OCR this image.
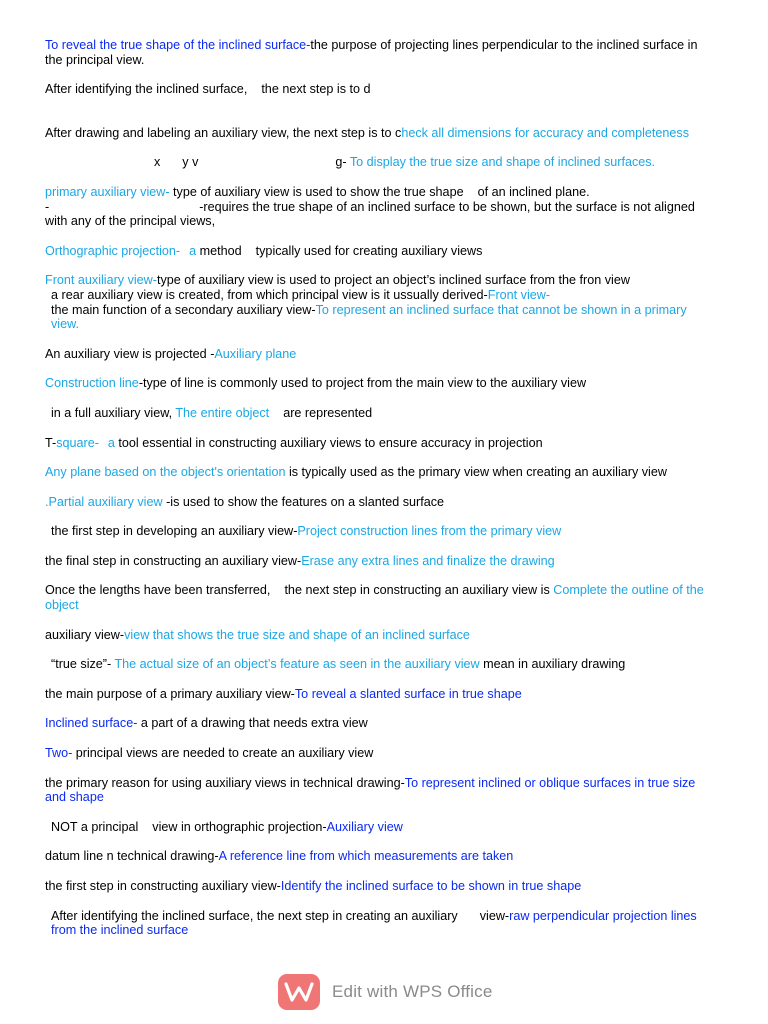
To reveal the true shape of the inclined surface-the purpose of projecting lines perpendicular to the inclined surface in the principal view.

After identifying the inclined surface, the next step is to d

After drawing and labeling an auxiliary view, the next step is to check all dimensions for accuracy and completeness

x y v	g- To display the true size and shape of inclined surfaces.

primary auxiliary view- type of auxiliary view is used to show the true shape of an inclined plane.

-	-requires the true shape of an inclined surface to be shown, but the surface is not aligned with any of the principal views,

Orthographic projection- a method typically used for creating auxiliary views

Front auxiliary view-type of auxiliary view is used to project an object’s inclined surface from the fron view

a rear auxiliary view is created, from which principal view is it ussually derived-Front view-

the main function of a secondary auxiliary view-To represent an inclined surface that cannot be shown in a primary view.

An auxiliary view is projected -Auxiliary plane

Construction line-type of line is commonly used to project from the main view to the auxiliary view

in a full auxiliary view, The entire object are represented

T-square- a tool essential in constructing auxiliary views to ensure accuracy in projection

Any plane based on the object's orientation is typically used as the primary view when creating an auxiliary view

.Partial auxiliary view -is used to show the features on a slanted surface

the first step in developing an auxiliary view-Project construction lines from the primary view

the final step in constructing an auxiliary view-Erase any extra lines and finalize the drawing

Once the lengths have been transferred, the next step in constructing an auxiliary view is Complete the outline of the object

auxiliary view-view that shows the true size and shape of an inclined surface

“true size”- The actual size of an object’s feature as seen in the auxiliary view mean in auxiliary drawing

the main purpose of a primary auxiliary view-To reveal a slanted surface in true shape

Inclined surface- a part of a drawing that needs extra view

Two- principal views are needed to create an auxiliary view

the primary reason for using auxiliary views in technical drawing-To represent inclined or oblique surfaces in true size and shape

NOT a principal view in orthographic projection-Auxiliary view

datum line n technical drawing-A reference line from which measurements are taken

the first step in constructing auxiliary view-Identify the inclined surface to be shown in true shape

After identifying the inclined surface, the next step in creating an auxiliary view-raw perpendicular projection lines from the inclined surface

Edit with WPS Office
